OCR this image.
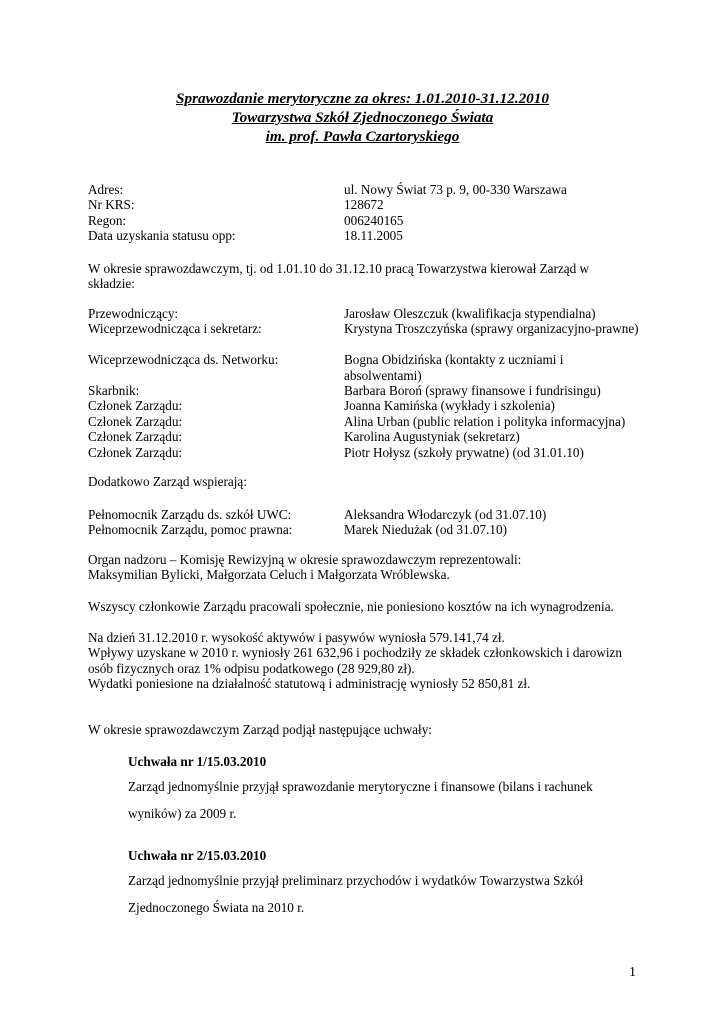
Sprawozdanie merytoryczne za okres: 1.01.2010-31.12.2010
Towarzystwa Szkół Zjednoczonego Świata
im. prof. Pawła Czartoryskiego
Adres:	ul. Nowy Świat 73 p. 9, 00-330 Warszawa
Nr KRS:	128672
Regon:	006240165
Data uzyskania statusu opp:	18.11.2005
W okresie sprawozdawczym, tj. od 1.01.10 do 31.12.10 pracą Towarzystwa kierował Zarząd w
składzie:
Przewodniczący:	Jarosław Oleszczuk (kwalifikacja stypendialna)
Wiceprzewodnicząca i sekretarz:	Krystyna Troszczyńska (sprawy organizacyjno-prawne)
Wiceprzewodnicząca ds. Networku:	Bogna Obidzińska (kontakty z uczniami i absolwentami)
Skarbnik:	Barbara Boroń (sprawy finansowe i fundrisingu)
Członek Zarządu:	Joanna Kamińska (wykłady i szkolenia)
Członek Zarządu:	Alina Urban (public relation i polityka informacyjna)
Członek Zarządu:	Karolina Augustyniak (sekretarz)
Członek Zarządu:	Piotr Hołysz (szkoły prywatne) (od 31.01.10)
Dodatkowo Zarząd wspierają:
Pełnomocnik Zarządu ds. szkół UWC:	Aleksandra Włodarczyk (od 31.07.10)
Pełnomocnik Zarządu, pomoc prawna:	Marek Niedużak (od 31.07.10)
Organ nadzoru – Komisję Rewizyjną w okresie sprawozdawczym reprezentowali:
Maksymilian Bylicki, Małgorzata Celuch i Małgorzata Wróblewska.
Wszyscy członkowie Zarządu pracowali społecznie, nie poniesiono kosztów na ich wynagrodzenia.
Na dzień 31.12.2010 r. wysokość aktywów i pasywów wyniosła 579.141,74 zł.
Wpływy uzyskane w 2010 r. wyniosły 261 632,96 i pochodziły ze składek członkowskich i darowizn
osób fizycznych oraz 1% odpisu podatkowego (28 929,80 zł).
Wydatki poniesione na działalność statutową i administrację wyniosły 52 850,81 zł.
W okresie sprawozdawczym Zarząd podjął następujące uchwały:
Uchwała nr 1/15.03.2010
Zarząd jednomyślnie przyjął sprawozdanie merytoryczne i finansowe (bilans i rachunek
wyników) za 2009 r.
Uchwała nr 2/15.03.2010
Zarząd jednomyślnie przyjął preliminarz przychodów i wydatków Towarzystwa Szkół
Zjednoczonego Świata na 2010 r.
1
